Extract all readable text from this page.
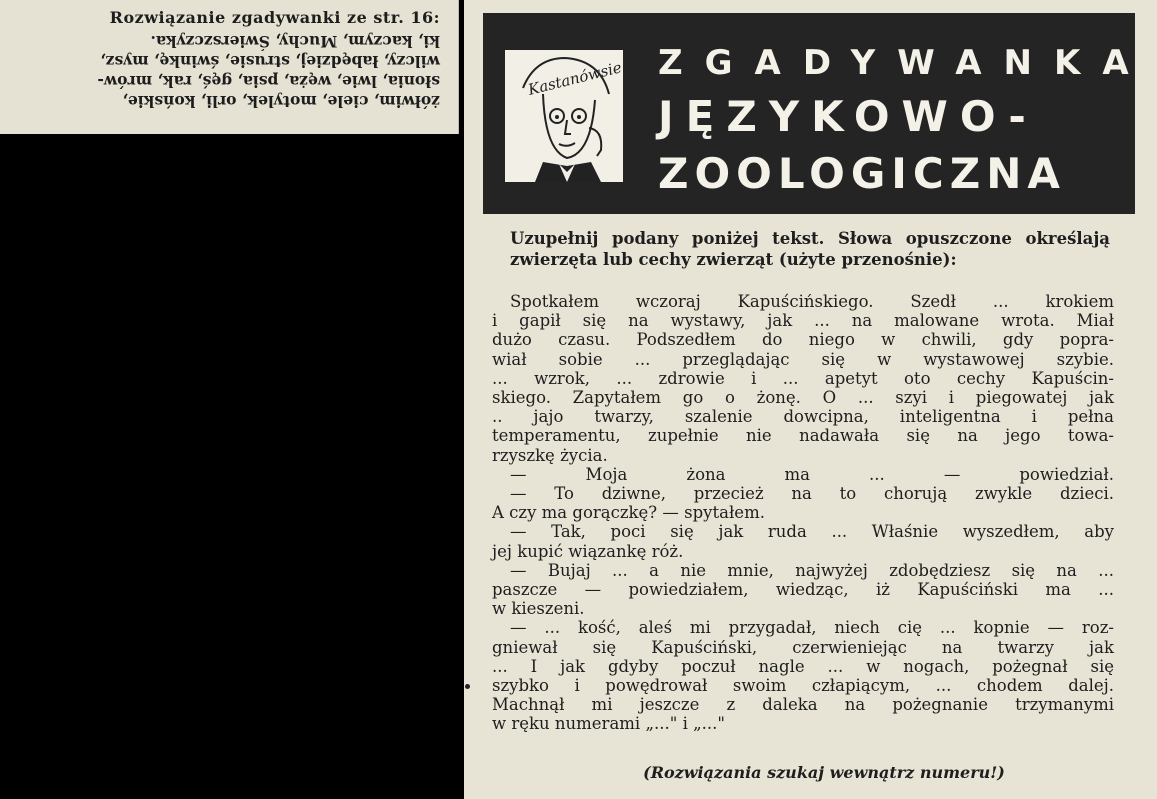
Rozwiązanie zgadywanki ze str. 16:
żółwim, ciele, motylek, orli, końskie,
słonia, lwie, węża, psia, gęś, rak, mrów-
wilczy, łabędziej, strusie, świnkę, mysz,
ki, kaczym, Muchy, Świerszczyka.
Kastanówsie ZGADYWANKA
JĘZYKOWO-
ZOOLOGICZNA
Uzupełnij podany poniżej tekst. Słowa opuszczone określają zwierzęta lub cechy zwierząt (użyte przenośnie):
Spotkałem wczoraj Kapuścińskiego. Szedł ... krokiem
i gapił się na wystawy, jak ... na malowane wrota. Miał
dużo czasu. Podszedłem do niego w chwili, gdy popra-
wiał sobie ... przeglądając się w wystawowej szybie.
... wzrok, ... zdrowie i ... apetyt oto cechy Kapuścin-
skiego. Zapytałem go o żonę. O ... szyi i piegowatej jak
.. jajo twarzy, szalenie dowcipna, inteligentna i pełna
temperamentu, zupełnie nie nadawała się na jego towa-
rzyszkę życia.
— Moja żona ma ... — powiedział.
— To dziwne, przecież na to chorują zwykle dzieci.
A czy ma gorączkę? — spytałem.
— Tak, poci się jak ruda ... Właśnie wyszedłem, aby
jej kupić wiązankę róż.
— Bujaj ... a nie mnie, najwyżej zdobędziesz się na ...
paszcze — powiedziałem, wiedząc, iż Kapuściński ma ...
w kieszeni.
— ... kość, aleś mi przygadał, niech cię ... kopnie — roz-
gniewał się Kapuściński, czerwieniejąc na twarzy jak
... I jak gdyby poczuł nagle ... w nogach, pożegnał się
szybko i powędrował swoim człapiącym, ... chodem dalej.
Machnął mi jeszcze z daleka na pożegnanie trzymanymi
w ręku numerami „..." i „..."
(Rozwiązania szukaj wewnątrz numeru!)
